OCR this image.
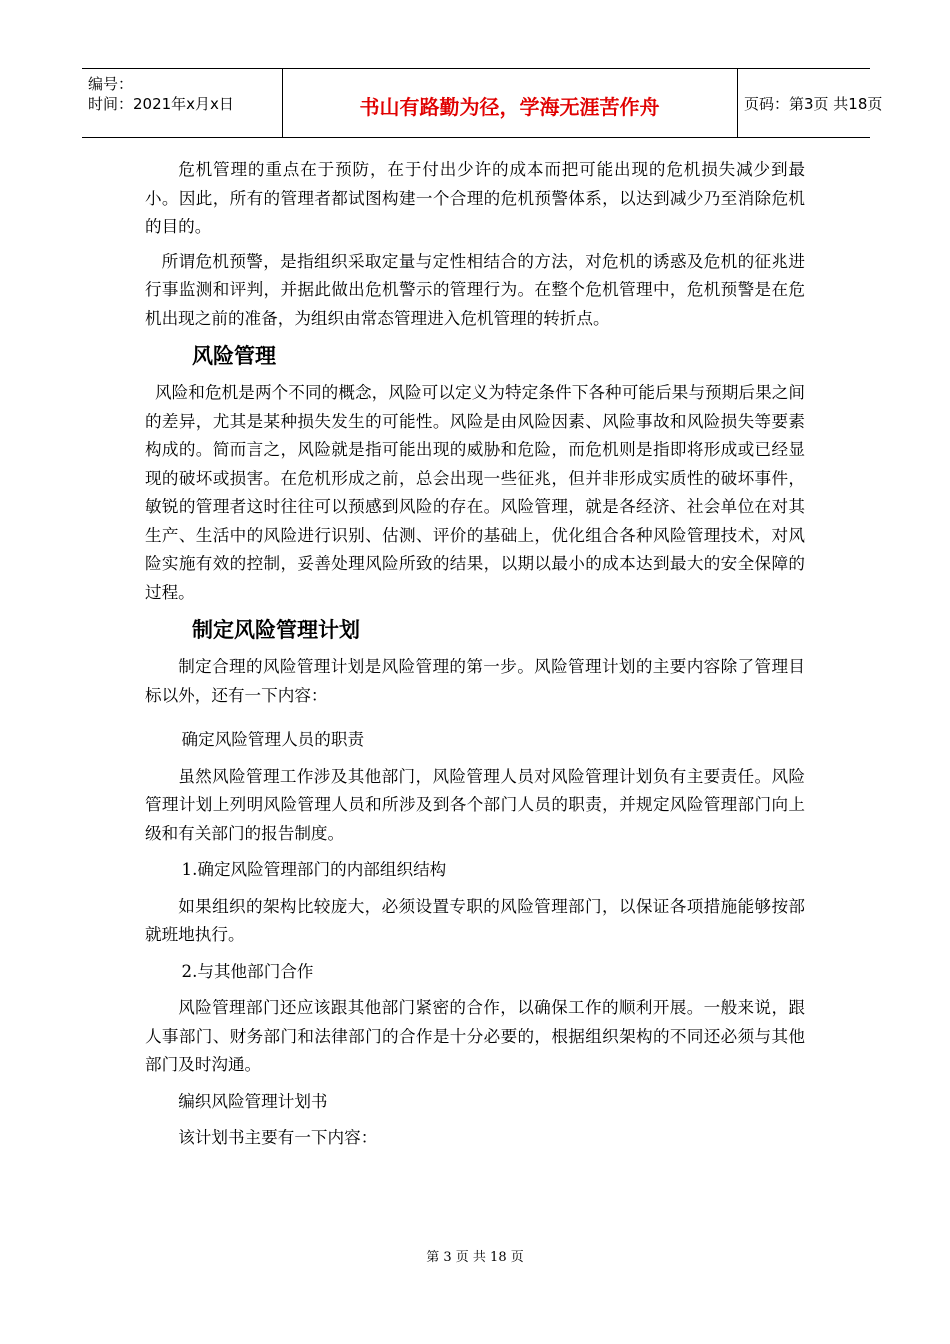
编号：
时间：2021年x月x日	书山有路勤为径，学海无涯苦作舟	页码：第3页 共18页

危机管理的重点在于预防，在于付出少许的成本而把可能出现的危机损失减少到最小。因此，所有的管理者都试图构建一个合理的危机预警体系，以达到减少乃至消除危机的目的。

所谓危机预警，是指组织采取定量与定性相结合的方法，对危机的诱惑及危机的征兆进行事监测和评判，并据此做出危机警示的管理行为。在整个危机管理中，危机预警是在危机出现之前的准备，为组织由常态管理进入危机管理的转折点。

风险管理

风险和危机是两个不同的概念，风险可以定义为特定条件下各种可能后果与预期后果之间的差异，尤其是某种损失发生的可能性。风险是由风险因素、风险事故和风险损失等要素构成的。简而言之，风险就是指可能出现的威胁和危险，而危机则是指即将形成或已经显现的破坏或损害。在危机形成之前，总会出现一些征兆，但并非形成实质性的破坏事件，敏锐的管理者这时往往可以预感到风险的存在。风险管理，就是各经济、社会单位在对其生产、生活中的风险进行识别、估测、评价的基础上，优化组合各种风险管理技术，对风险实施有效的控制，妥善处理风险所致的结果，以期以最小的成本达到最大的安全保障的过程。

制定风险管理计划

制定合理的风险管理计划是风险管理的第一步。风险管理计划的主要内容除了管理目标以外，还有一下内容：

确定风险管理人员的职责

虽然风险管理工作涉及其他部门，风险管理人员对风险管理计划负有主要责任。风险管理计划上列明风险管理人员和所涉及到各个部门人员的职责，并规定风险管理部门向上级和有关部门的报告制度。

1.确定风险管理部门的内部组织结构

如果组织的架构比较庞大，必须设置专职的风险管理部门，以保证各项措施能够按部就班地执行。

2.与其他部门合作

风险管理部门还应该跟其他部门紧密的合作，以确保工作的顺利开展。一般来说，跟人事部门、财务部门和法律部门的合作是十分必要的，根据组织架构的不同还必须与其他部门及时沟通。

编织风险管理计划书

该计划书主要有一下内容：

第 3 页 共 18 页
